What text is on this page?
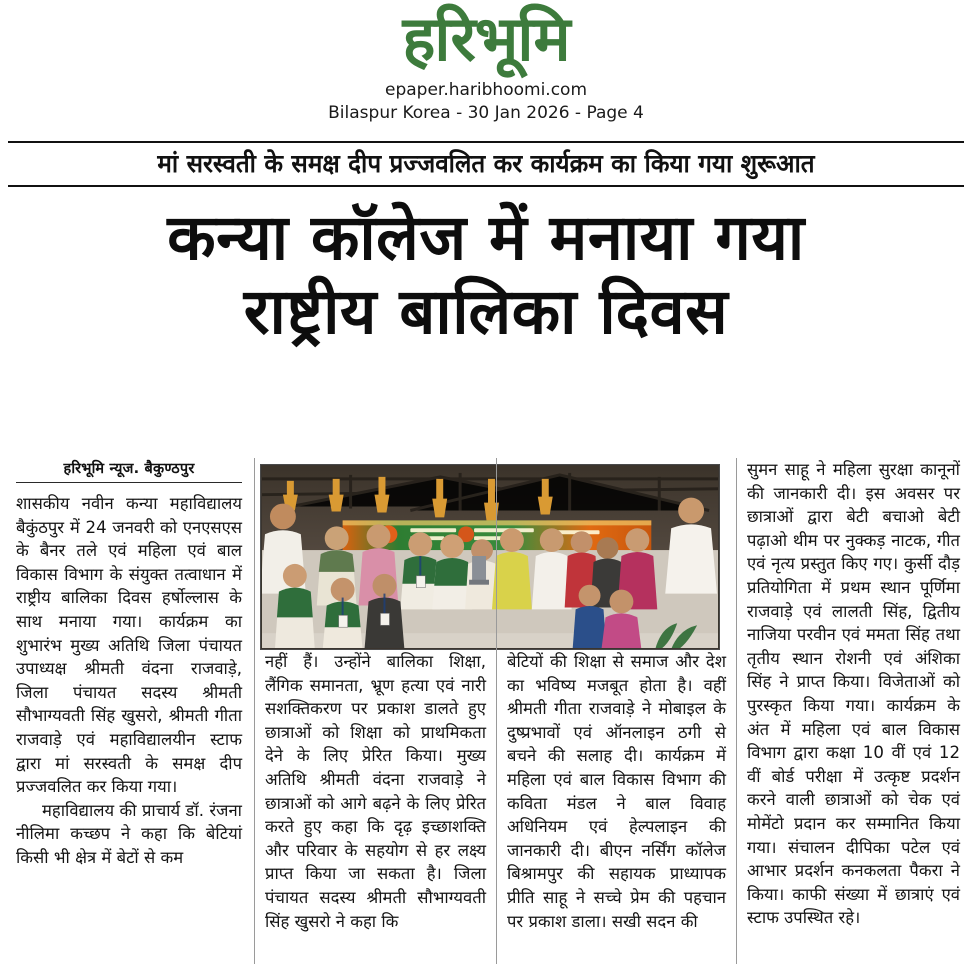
हरिभूमि
epaper.haribhoomi.com
Bilaspur Korea - 30 Jan 2026 - Page 4
मां सरस्वती के समक्ष दीप प्रज्जवलित कर कार्यक्रम का किया गया शुरूआत
कन्या कॉलेज में मनाया गया
राष्ट्रीय बालिका दिवस
हरिभूमि न्यूज. बैकुण्ठपुर

शासकीय नवीन कन्या महाविद्यालय बैकुंठपुर में 24 जनवरी को एनएसएस के बैनर तले एवं महिला एवं बाल विकास विभाग के संयुक्त तत्वाधान में राष्ट्रीय बालिका दिवस हर्षोल्लास के साथ मनाया गया। कार्यक्रम का शुभारंभ मुख्य अतिथि जिला पंचायत उपाध्यक्ष श्रीमती वंदना राजवाड़े, जिला पंचायत सदस्य श्रीमती सौभाग्यवती सिंह खुसरो, श्रीमती गीता राजवाड़े एवं महाविद्यालयीन स्टाफ द्वारा मां सरस्वती के समक्ष दीप प्रज्जवलित कर किया गया।

महाविद्यालय की प्राचार्य डॉ. रंजना नीलिमा कच्छप ने कहा कि बेटियां किसी भी क्षेत्र में बेटों से कम

नहीं हैं। उन्होंने बालिका शिक्षा, लैंगिक समानता, भ्रूण हत्या एवं नारी सशक्तिकरण पर प्रकाश डालते हुए छात्राओं को शिक्षा को प्राथमिकता देने के लिए प्रेरित किया। मुख्य अतिथि श्रीमती वंदना राजवाड़े ने छात्राओं को आगे बढ़ने के लिए प्रेरित करते हुए कहा कि दृढ़ इच्छाशक्ति और परिवार के सहयोग से हर लक्ष्य प्राप्त किया जा सकता है। जिला पंचायत सदस्य श्रीमती सौभाग्यवती सिंह खुसरो ने कहा कि

बेटियों की शिक्षा से समाज और देश का भविष्य मजबूत होता है। वहीं श्रीमती गीता राजवाड़े ने मोबाइल के दुष्प्रभावों एवं ऑनलाइन ठगी से बचने की सलाह दी। कार्यक्रम में महिला एवं बाल विकास विभाग की कविता मंडल ने बाल विवाह अधिनियम एवं हेल्पलाइन की जानकारी दी। बीएन नर्सिंग कॉलेज बिश्रामपुर की सहायक प्राध्यापक प्रीति साहू ने सच्चे प्रेम की पहचान पर प्रकाश डाला। सखी सदन की

सुमन साहू ने महिला सुरक्षा कानूनों की जानकारी दी। इस अवसर पर छात्राओं द्वारा बेटी बचाओ बेटी पढ़ाओ थीम पर नुक्कड़ नाटक, गीत एवं नृत्य प्रस्तुत किए गए। कुर्सी दौड़ प्रतियोगिता में प्रथम स्थान पूर्णिमा राजवाड़े एवं लालती सिंह, द्वितीय नाजिया परवीन एवं ममता सिंह तथा तृतीय स्थान रोशनी एवं अंशिका सिंह ने प्राप्त किया। विजेताओं को पुरस्कृत किया गया। कार्यक्रम के अंत में महिला एवं बाल विकास विभाग द्वारा कक्षा 10 वीं एवं 12 वीं बोर्ड परीक्षा में उत्कृष्ट प्रदर्शन करने वाली छात्राओं को चेक एवं मोमेंटो प्रदान कर सम्मानित किया गया। संचालन दीपिका पटेल एवं आभार प्रदर्शन कनकलता पैकरा ने किया। काफी संख्या में छात्राएं एवं स्टाफ उपस्थित रहे।
